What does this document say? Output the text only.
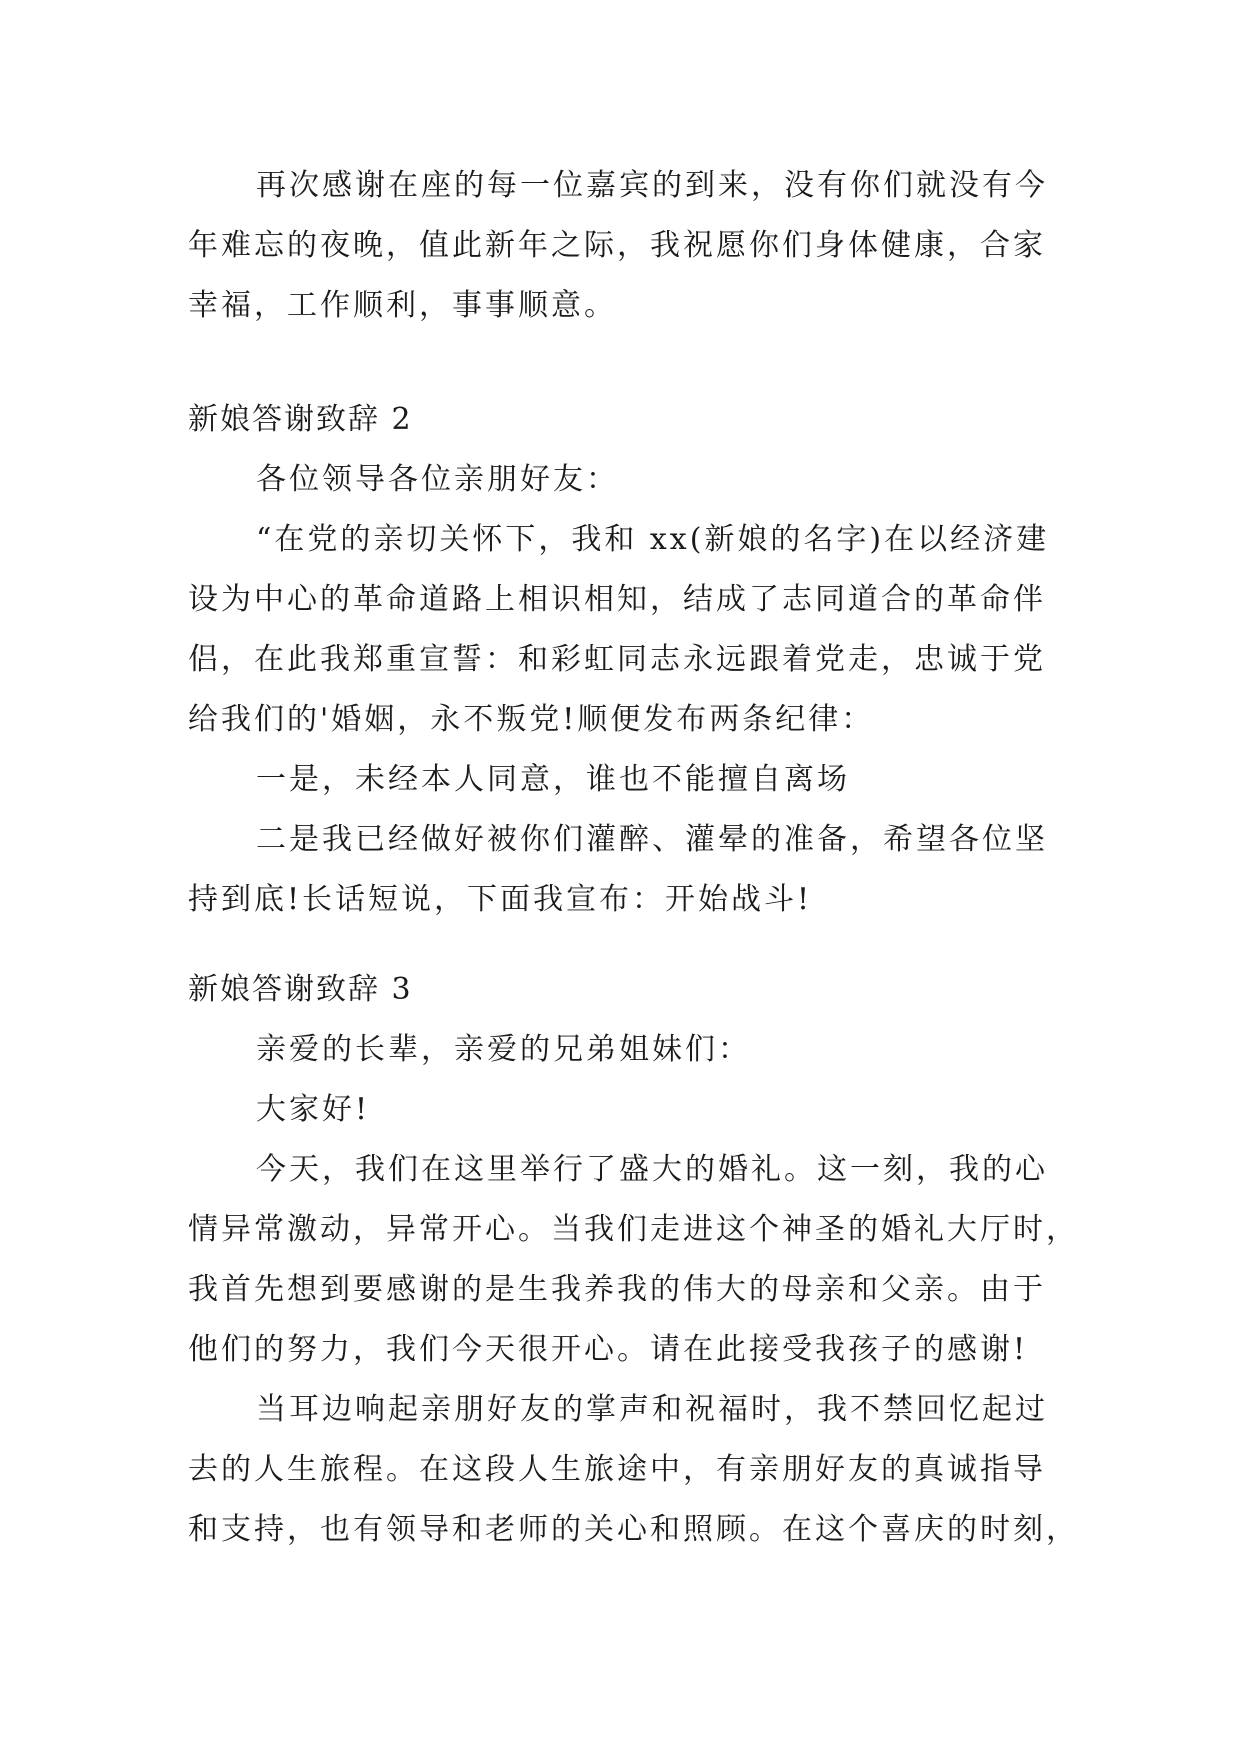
再次感谢在座的每一位嘉宾的到来，没有你们就没有今
年难忘的夜晚，值此新年之际，我祝愿你们身体健康，合家
幸福，工作顺利，事事顺意。
新娘答谢致辞 2
各位领导各位亲朋好友：
“在党的亲切关怀下，我和 xx(新娘的名字)在以经济建
设为中心的革命道路上相识相知，结成了志同道合的革命伴
侣，在此我郑重宣誓：和彩虹同志永远跟着党走，忠诚于党
给我们的'婚姻，永不叛党!顺便发布两条纪律：
一是，未经本人同意，谁也不能擅自离场
二是我已经做好被你们灌醉、灌晕的准备，希望各位坚
持到底!长话短说，下面我宣布：开始战斗!
新娘答谢致辞 3
亲爱的长辈，亲爱的兄弟姐妹们：
大家好!
今天，我们在这里举行了盛大的婚礼。这一刻，我的心
情异常激动，异常开心。当我们走进这个神圣的婚礼大厅时，
我首先想到要感谢的是生我养我的伟大的母亲和父亲。由于
他们的努力，我们今天很开心。请在此接受我孩子的感谢!
当耳边响起亲朋好友的掌声和祝福时，我不禁回忆起过
去的人生旅程。在这段人生旅途中，有亲朋好友的真诚指导
和支持，也有领导和老师的关心和照顾。在这个喜庆的时刻，
